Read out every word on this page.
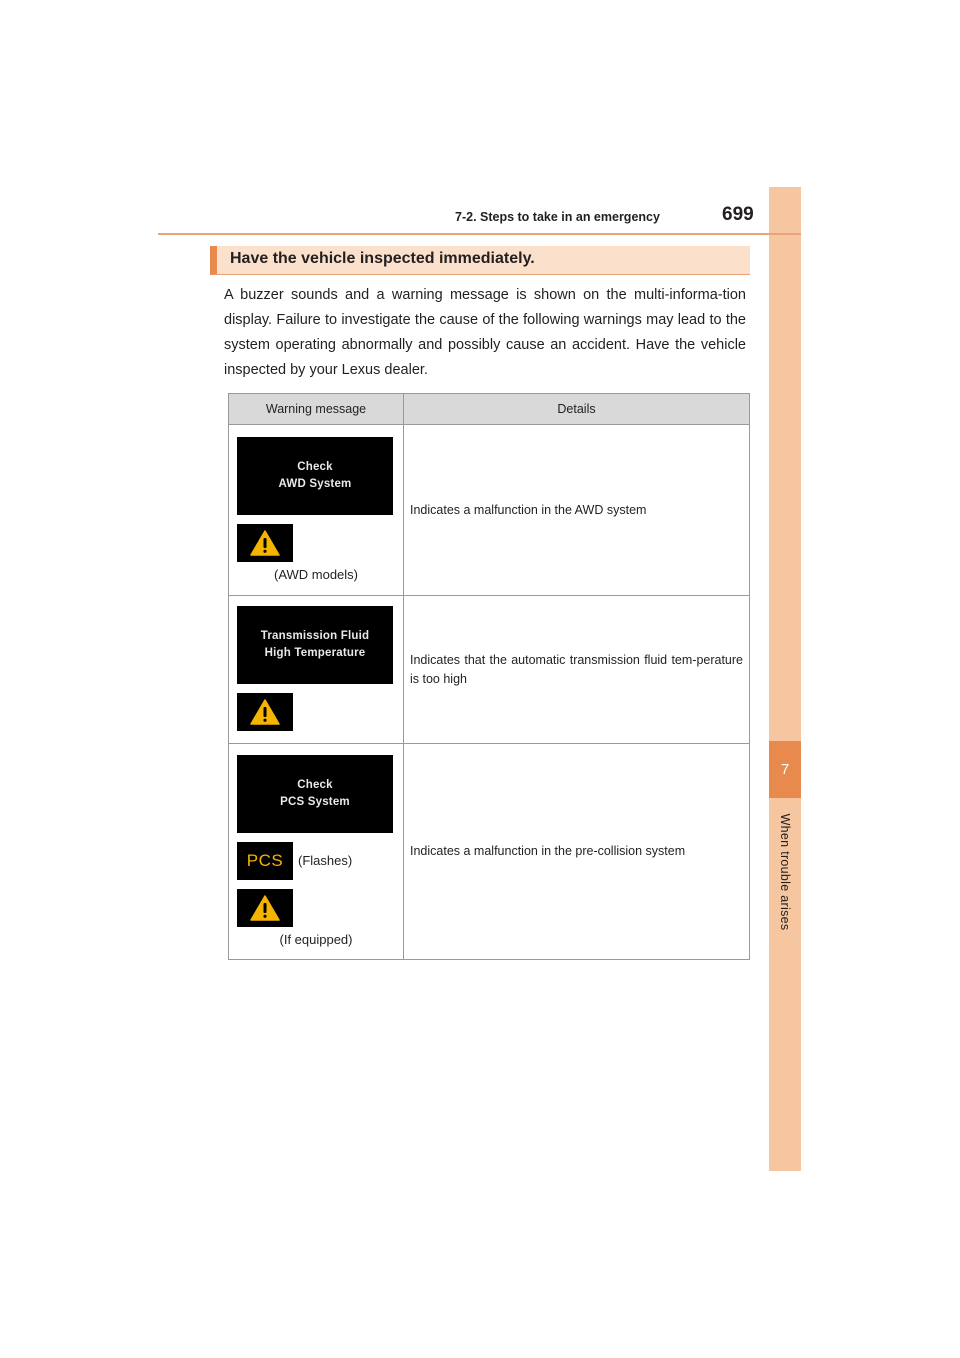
7
When trouble arises
7-2. Steps to take in an emergency	699
Have the vehicle inspected immediately.

A buzzer sounds and a warning message is shown on the multi-informa-tion display. Failure to investigate the cause of the following warnings may lead to the system operating abnormally and possibly cause an accident. Have the vehicle inspected by your Lexus dealer.

Warning message	Details

Check
AWD System
(AWD models)	Indicates a malfunction in the AWD system

Transmission Fluid
High Temperature	Indicates that the automatic transmission fluid tem-perature is too high

Check
PCS System
PCS (Flashes)
(If equipped)	Indicates a malfunction in the pre-collision system
